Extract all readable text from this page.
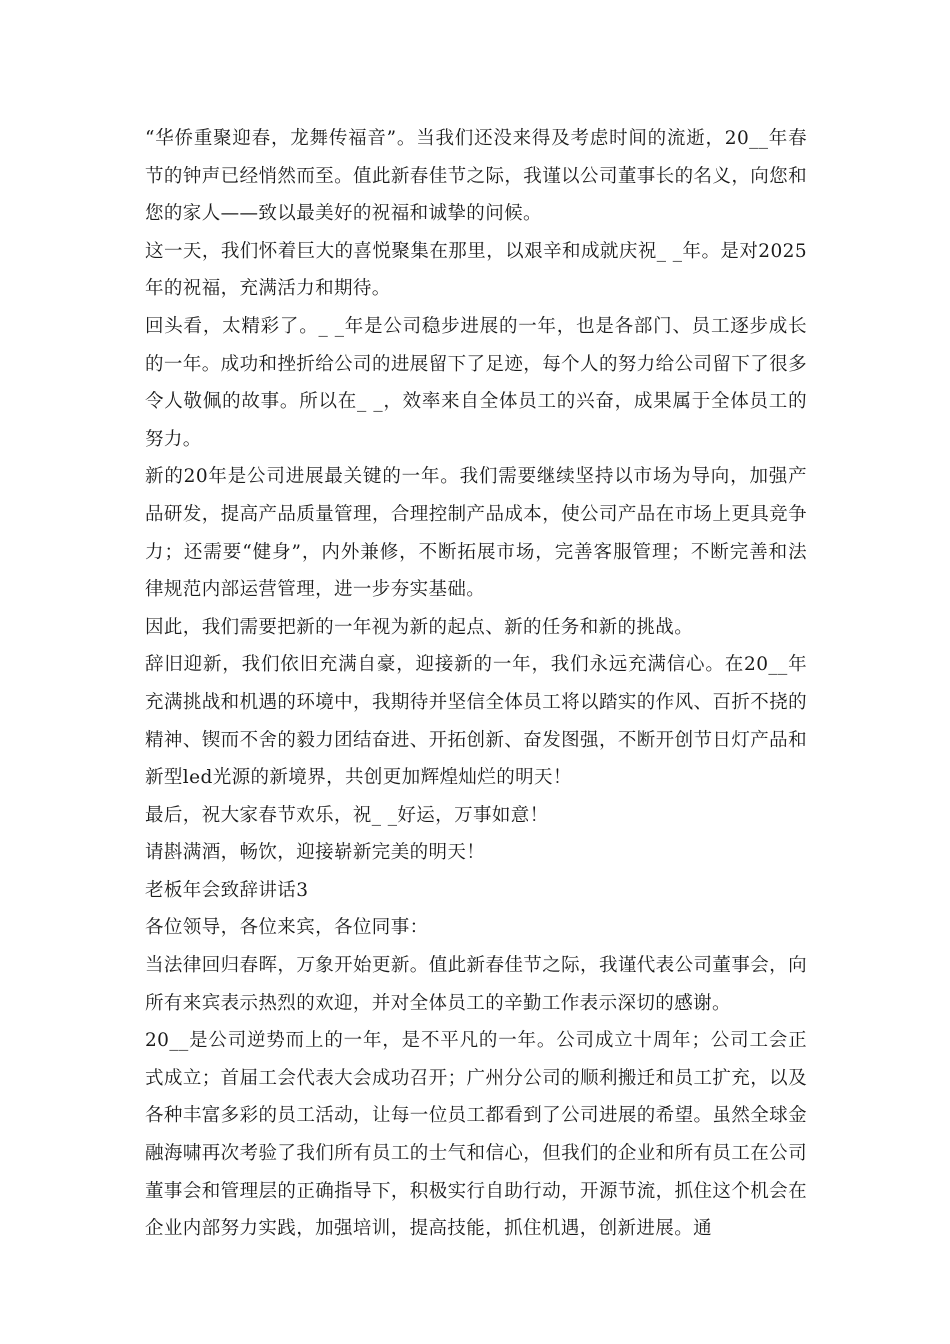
“华侨重聚迎春，龙舞传福音”。当我们还没来得及考虑时间的流逝，20__年春节的钟声已经悄然而至。值此新春佳节之际，我谨以公司董事长的名义，向您和您的家人——致以最美好的祝福和诚挚的问候。

这一天，我们怀着巨大的喜悦聚集在那里，以艰辛和成就庆祝_ _年。是对2025年的祝福，充满活力和期待。

回头看，太精彩了。_ _年是公司稳步进展的一年，也是各部门、员工逐步成长的一年。成功和挫折给公司的进展留下了足迹，每个人的努力给公司留下了很多令人敬佩的故事。所以在_ _，效率来自全体员工的兴奋，成果属于全体员工的努力。

新的20年是公司进展最关键的一年。我们需要继续坚持以市场为导向，加强产品研发，提高产品质量管理，合理控制产品成本，使公司产品在市场上更具竞争力；还需要“健身”，内外兼修，不断拓展市场，完善客服管理；不断完善和法律规范内部运营管理，进一步夯实基础。

因此，我们需要把新的一年视为新的起点、新的任务和新的挑战。

辞旧迎新，我们依旧充满自豪，迎接新的一年，我们永远充满信心。在20__年充满挑战和机遇的环境中，我期待并坚信全体员工将以踏实的作风、百折不挠的精神、锲而不舍的毅力团结奋进、开拓创新、奋发图强，不断开创节日灯产品和新型led光源的新境界，共创更加辉煌灿烂的明天！

最后，祝大家春节欢乐，祝_ _好运，万事如意！

请斟满酒，畅饮，迎接崭新完美的明天！

老板年会致辞讲话3

各位领导，各位来宾，各位同事：

当法律回归春晖，万象开始更新。值此新春佳节之际，我谨代表公司董事会，向所有来宾表示热烈的欢迎，并对全体员工的辛勤工作表示深切的感谢。

20__是公司逆势而上的一年，是不平凡的一年。公司成立十周年；公司工会正式成立；首届工会代表大会成功召开；广州分公司的顺利搬迁和员工扩充，以及各种丰富多彩的员工活动，让每一位员工都看到了公司进展的希望。虽然全球金融海啸再次考验了我们所有员工的士气和信心，但我们的企业和所有员工在公司董事会和管理层的正确指导下，积极实行自助行动，开源节流，抓住这个机会在企业内部努力实践，加强培训，提高技能，抓住机遇，创新进展。通
